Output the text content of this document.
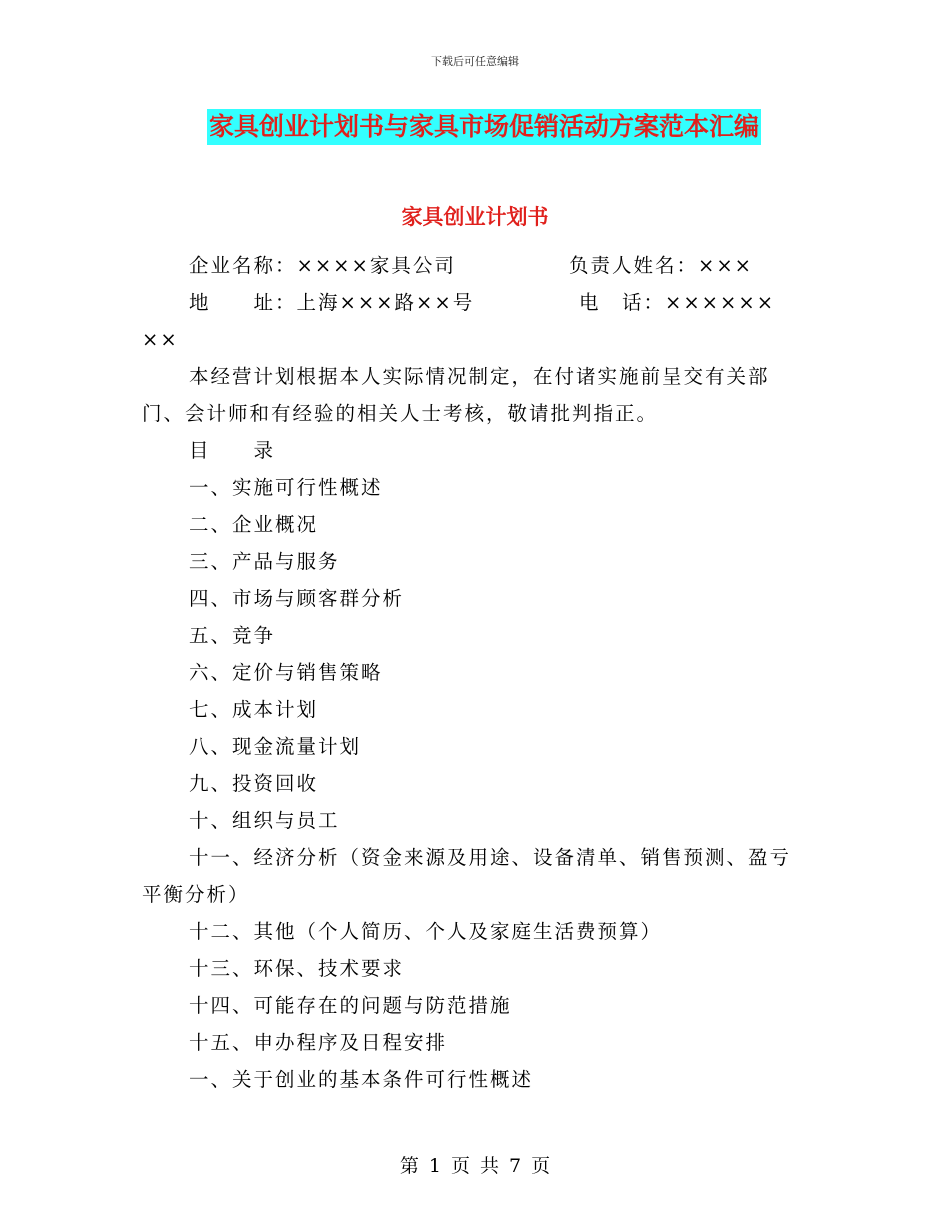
下载后可任意编辑
家具创业计划书与家具市场促销活动方案范本汇编
家具创业计划书
企业名称：××××家具公司	负责人姓名：×××
地　　址：上海×××路××号	电　话：××××××

××

本经营计划根据本人实际情况制定，在付诸实施前呈交有关部门、会计师和有经验的相关人士考核，敬请批判指正。

目　　录

一、实施可行性概述

二、企业概况

三、产品与服务

四、市场与顾客群分析

五、竞争

六、定价与销售策略

七、成本计划

八、现金流量计划

九、投资回收

十、组织与员工

十一、经济分析（资金来源及用途、设备清单、销售预测、盈亏平衡分析）

十二、其他（个人简历、个人及家庭生活费预算）

十三、环保、技术要求

十四、可能存在的问题与防范措施

十五、申办程序及日程安排

一、关于创业的基本条件可行性概述

第 1 页 共 7 页
